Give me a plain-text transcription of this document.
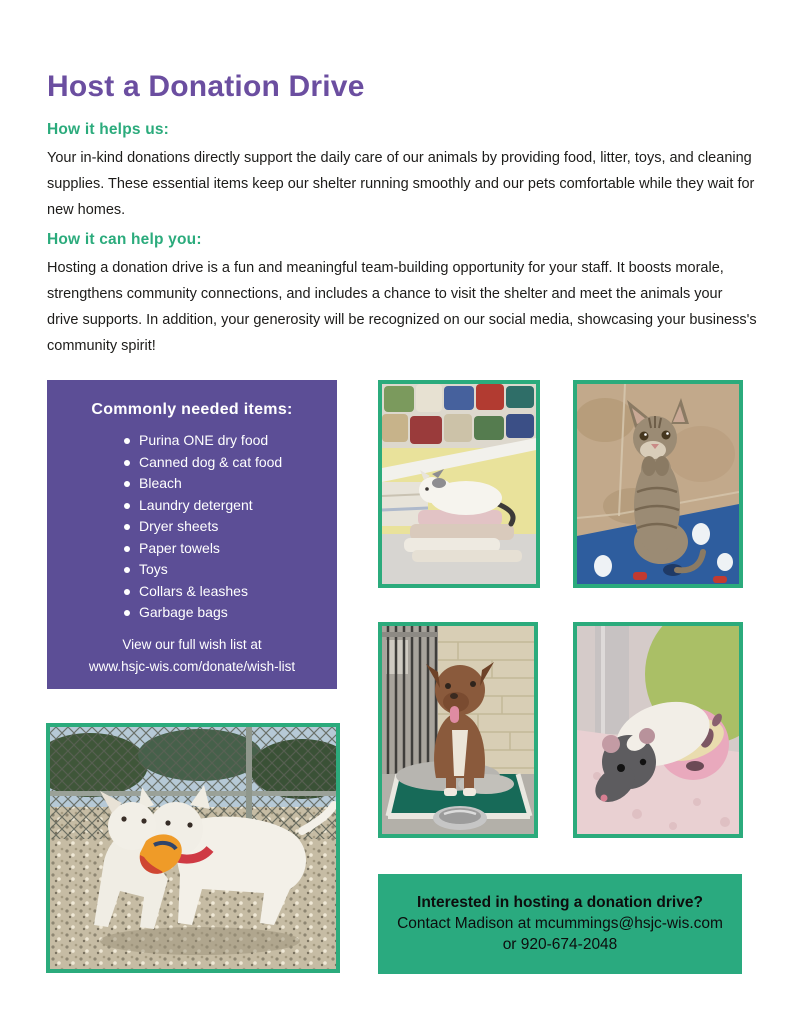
Host a Donation Drive
How it helps us:

Your in-kind donations directly support the daily care of our animals by providing food, litter, toys, and cleaning supplies. These essential items keep our shelter running smoothly and our pets comfortable while they wait for new homes.

How it can help you:

Hosting a donation drive is a fun and meaningful team-building opportunity for your staff. It boosts morale, strengthens community connections, and includes a chance to visit the shelter and meet the animals your drive supports. In addition, your generosity will be recognized on our social media, showcasing your business's community spirit!

Commonly needed items:
Purina ONE dry food
Canned dog & cat food
Bleach
Laundry detergent
Dryer sheets
Paper towels
Toys
Collars & leashes
Garbage bags
View our full wish list at
www.hsjc-wis.com/donate/wish-list
Interested in hosting a donation drive?
Contact Madison at mcummings@hsjc-wis.com
or 920-674-2048
